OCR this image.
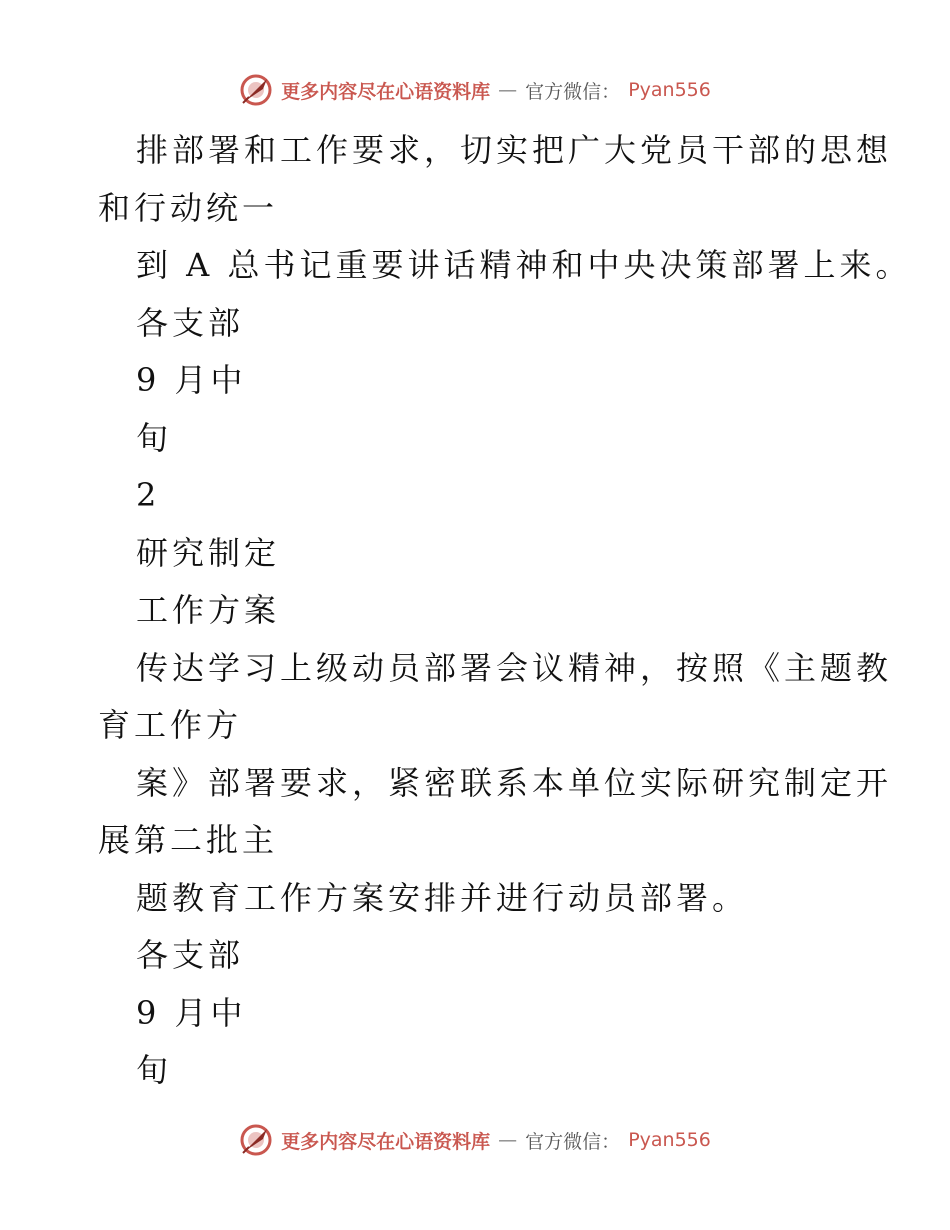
更多内容尽在心语资料库 — 官方微信： Pyan556
排部署和工作要求，切实把广大党员干部的思想
和行动统一
到 A 总书记重要讲话精神和中央决策部署上来。
各支部
9 月中
旬
2
研究制定
工作方案
传达学习上级动员部署会议精神，按照《主题教
育工作方
案》部署要求，紧密联系本单位实际研究制定开
展第二批主
题教育工作方案安排并进行动员部署。
各支部
9 月中
旬
更多内容尽在心语资料库 — 官方微信： Pyan556
